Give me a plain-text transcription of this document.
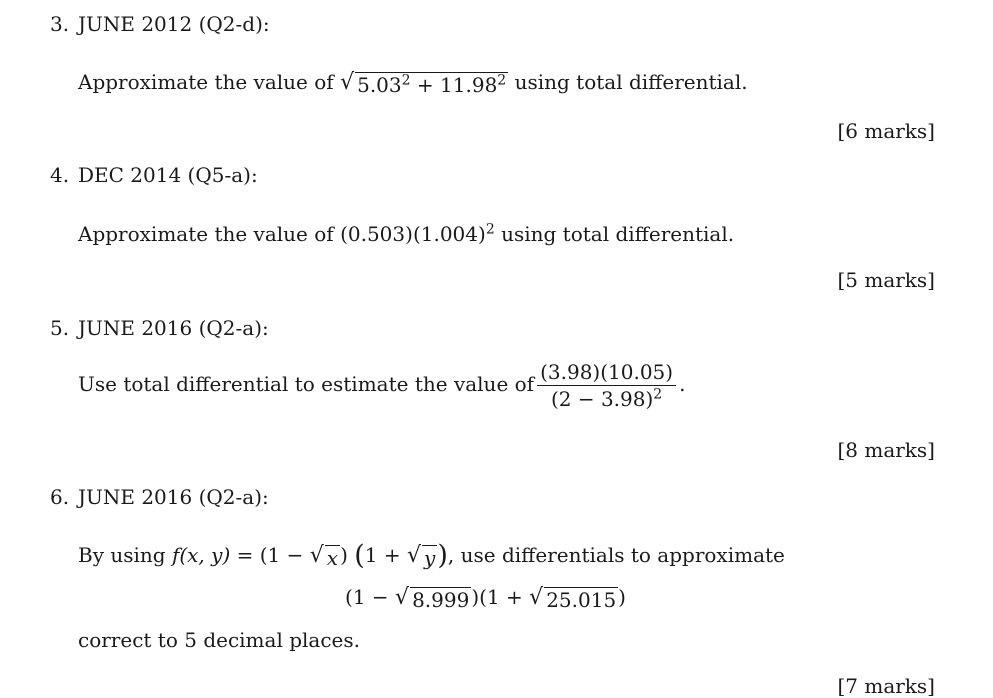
3. JUNE 2012 (Q2-d):
Approximate the value of √ $5.03^2 + 11.98^2$ using total differential.
[6 marks]
4. DEC 2014 (Q5-a):
Approximate the value of $(0.503)(1.004)^2$ using total differential.
[5 marks]
5. JUNE 2016 (Q2-a):
Use total differential to estimate the value of $\frac{(3.98)(10.05)}{(2 - 3.98)^2}$ .
[8 marks]
6. JUNE 2016 (Q2-a):
By using f(x, y) = (1 − √ x ) (1 + √ y ), use differentials to approximate
(1 − √ 8.999 )(1 + √ 25.015 )
correct to 5 decimal places.
[7 marks]
